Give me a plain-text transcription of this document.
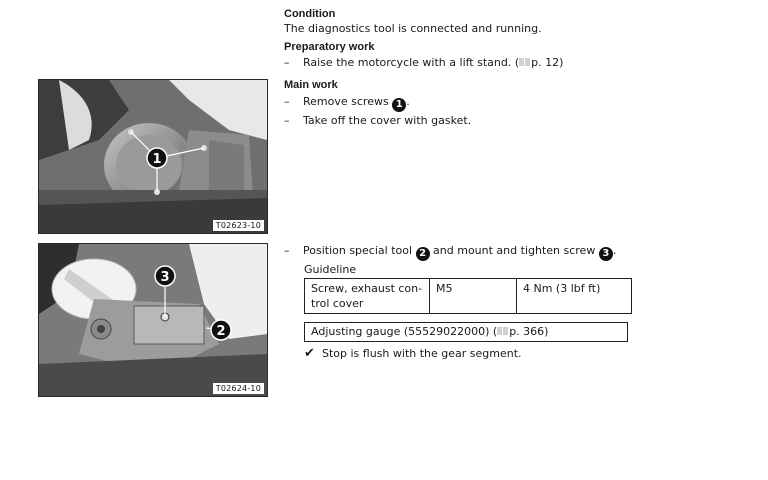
1
T02623-10
3
2
T02624-10
Condition
The diagnostics tool is connected and running.
Preparatory work
– Raise the motorcycle with a lift stand. ( p. 12)
Main work
– Remove screws 1 .
– Take off the cover with gasket.
– Position special tool 2 and mount and tighten screw 3 .
Guideline
Screw, exhaust con-
trol cover
	M5	4 Nm (3 lbf ft)
Adjusting gauge (55529022000) ( p. 366)
✔ Stop is flush with the gear segment.
